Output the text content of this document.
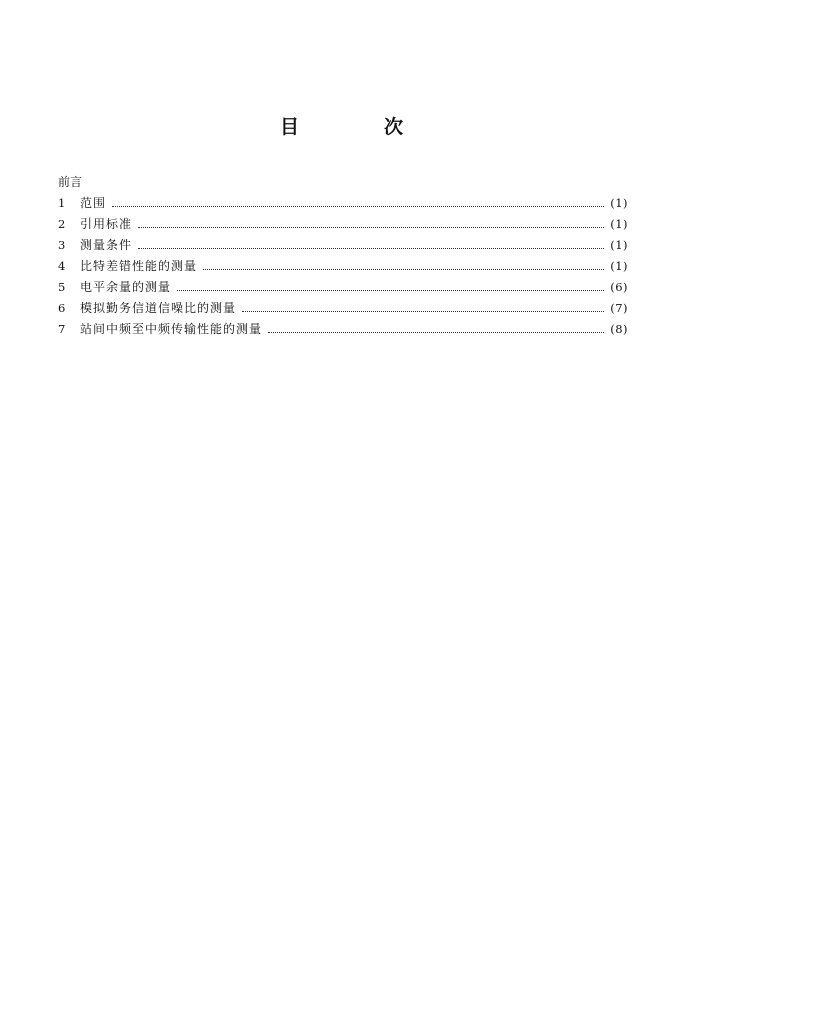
目	次
前言
1	范围	(1)
2	引用标准	(1)
3	测量条件	(1)
4	比特差错性能的测量	(1)
5	电平余量的测量	(6)
6	模拟勤务信道信噪比的测量	(7)
7	站间中频至中频传输性能的测量	(8)
